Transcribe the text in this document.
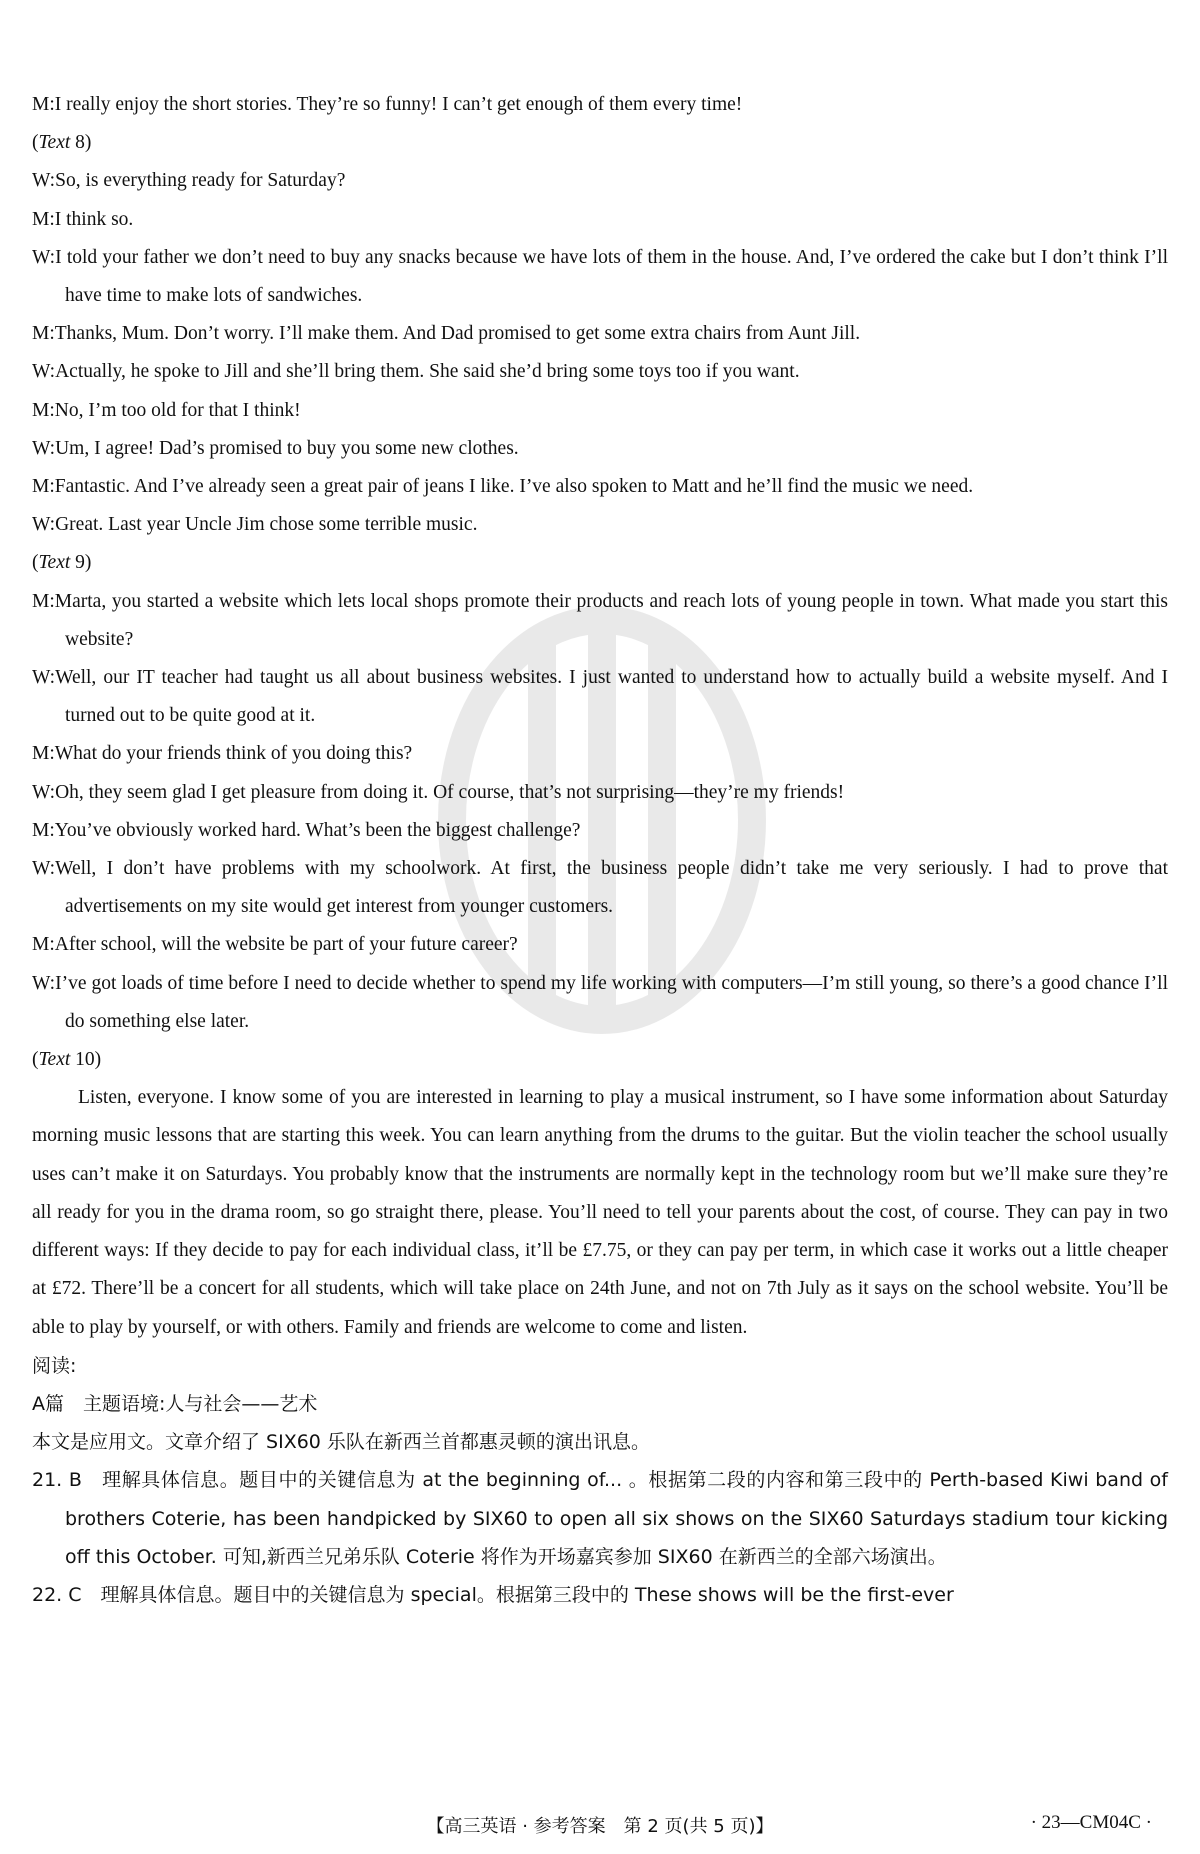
M:I really enjoy the short stories. They’re so funny! I can’t get enough of them every time!

(Text 8)

W:So, is everything ready for Saturday?

M:I think so.

W:I told your father we don’t need to buy any snacks because we have lots of them in the house. And, I’ve ordered the cake but I don’t think I’ll have time to make lots of sandwiches.

M:Thanks, Mum. Don’t worry. I’ll make them. And Dad promised to get some extra chairs from Aunt Jill.

W:Actually, he spoke to Jill and she’ll bring them. She said she’d bring some toys too if you want.

M:No, I’m too old for that I think!

W:Um, I agree! Dad’s promised to buy you some new clothes.

M:Fantastic. And I’ve already seen a great pair of jeans I like. I’ve also spoken to Matt and he’ll find the music we need.

W:Great. Last year Uncle Jim chose some terrible music.

(Text 9)

M:Marta, you started a website which lets local shops promote their products and reach lots of young people in town. What made you start this website?

W:Well, our IT teacher had taught us all about business websites. I just wanted to understand how to actually build a website myself. And I turned out to be quite good at it.

M:What do your friends think of you doing this?

W:Oh, they seem glad I get pleasure from doing it. Of course, that’s not surprising—they’re my friends!

M:You’ve obviously worked hard. What’s been the biggest challenge?

W:Well, I don’t have problems with my schoolwork. At first, the business people didn’t take me very seriously. I had to prove that advertisements on my site would get interest from younger customers.

M:After school, will the website be part of your future career?

W:I’ve got loads of time before I need to decide whether to spend my life working with computers—I’m still young, so there’s a good chance I’ll do something else later.

(Text 10)

Listen, everyone. I know some of you are interested in learning to play a musical instrument, so I have some information about Saturday morning music lessons that are starting this week. You can learn anything from the drums to the guitar. But the violin teacher the school usually uses can’t make it on Saturdays. You probably know that the instruments are normally kept in the technology room but we’ll make sure they’re all ready for you in the drama room, so go straight there, please. You’ll need to tell your parents about the cost, of course. They can pay in two different ways: If they decide to pay for each individual class, it’ll be £7.75, or they can pay per term, in which case it works out a little cheaper at £72. There’ll be a concert for all students, which will take place on 24th June, and not on 7th July as it says on the school website. You’ll be able to play by yourself, or with others. Family and friends are welcome to come and listen.

阅读:

A篇　主题语境:人与社会——艺术

本文是应用文。文章介绍了 SIX60 乐队在新西兰首都惠灵顿的演出讯息。

21. B　理解具体信息。题目中的关键信息为 at the beginning of... 。根据第二段的内容和第三段中的 Perth-based Kiwi band of brothers Coterie, has been handpicked by SIX60 to open all six shows on the SIX60 Saturdays stadium tour kicking off this October. 可知,新西兰兄弟乐队 Coterie 将作为开场嘉宾参加 SIX60 在新西兰的全部六场演出。

22. C　理解具体信息。题目中的关键信息为 special。根据第三段中的 These shows will be the first-ever

【高三英语 · 参考答案　第 2 页(共 5 页)】	· 23—CM04C ·
